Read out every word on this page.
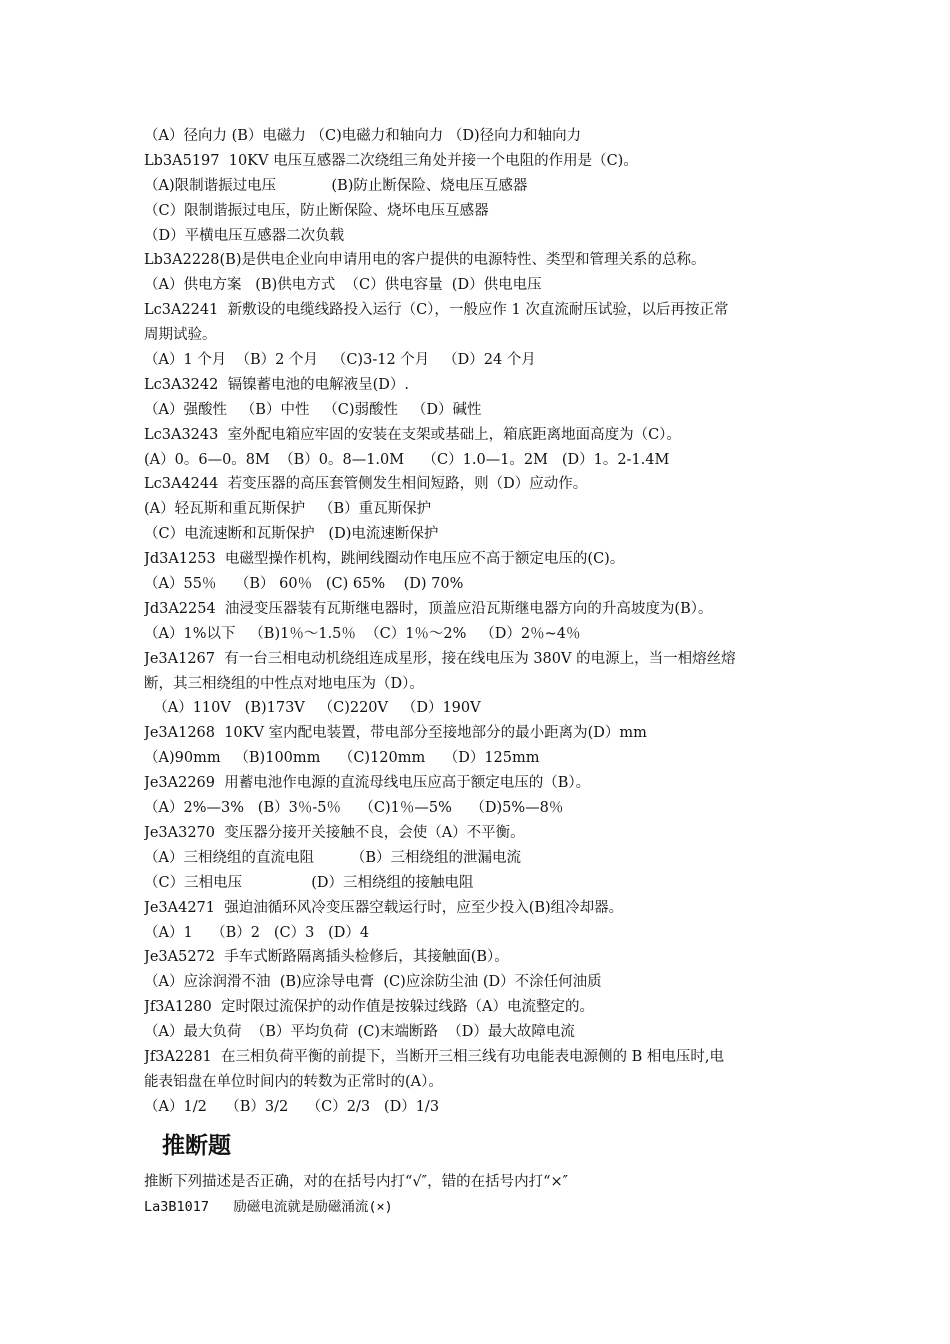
（A）径向力 (B）电磁力 （C)电磁力和轴向力 （D)径向力和轴向力
Lb3A5197  10KV 电压互感器二次绕组三角处并接一个电阻的作用是（C)。
（A)限制谐振过电压            (B)防止断保险、烧电压互感器
（C）限制谐振过电压，防止断保险、烧坏电压互感器
（D）平横电压互感器二次负载
Lb3A2228(B)是供电企业向申请用电的客户提供的电源特性、类型和管理关系的总称。
（A）供电方案   (B)供电方式  （C）供电容量  (D）供电电压
Lc3A2241  新敷设的电缆线路投入运行（C），一般应作 1 次直流耐压试验，以后再按正常
周期试验。
（A）1 个月  （B）2 个月   （C)3-12 个月   （D）24 个月
Lc3A3242  镉镍蓄电池的电解液呈(D）.
（A）强酸性   （B）中性   （C)弱酸性   （D）碱性
Lc3A3243  室外配电箱应牢固的安装在支架或基础上，箱底距离地面高度为（C）。
(A）0。6—0。8M  （B）0。8—1.0M    （C）1.0—1。2M   (D）1。2-1.4M
Lc3A4244  若变压器的高压套管侧发生相间短路，则（D）应动作。
(A）轻瓦斯和重瓦斯保护   （B）重瓦斯保护
（C）电流速断和瓦斯保护   (D)电流速断保护
Jd3A1253  电磁型操作机构，跳闸线圈动作电压应不高于额定电压的(C)。
（A）55％    （B） 60％   (C) 65%    (D) 70%
Jd3A2254  油浸变压器装有瓦斯继电器时，顶盖应沿瓦斯继电器方向的升高坡度为(B）。
（A）1%以下   （B)1％～1.5％  （C）1％～2%   （D）2％~4％
Je3A1267  有一台三相电动机绕组连成星形，接在线电压为 380V 的电源上，当一相熔丝熔
断，其三相绕组的中性点对地电压为（D）。
（A）110V   (B)173V   （C)220V   （D）190V
Je3A1268  10KV 室内配电装置，带电部分至接地部分的最小距离为(D）mm
（A)90mm   （B)100mm    （C)120mm    （D）125mm
Je3A2269  用蓄电池作电源的直流母线电压应高于额定电压的（B）。
（A）2%—3%   (B）3％-5％    （C)1％—5%    （D)5%—8％
Je3A3270  变压器分接开关接触不良，会使（A）不平衡。
（A）三相绕组的直流电阻        （B）三相绕组的泄漏电流
（C）三相电压               (D）三相绕组的接触电阻
Je3A4271  强迫油循环风冷变压器空载运行时，应至少投入(B)组冷却器。
（A）1    （B）2   (C）3   (D）4
Je3A5272  手车式断路隔离插头检修后，其接触面(B）。
（A）应涂润滑不油  (B)应涂导电膏  (C)应涂防尘油 (D）不涂任何油质
Jf3A1280  定时限过流保护的动作值是按躲过线路（A）电流整定的。
（A）最大负荷  （B）平均负荷  (C)末端断路  （D）最大故障电流
Jf3A2281  在三相负荷平衡的前提下，当断开三相三线有功电能表电源侧的 B 相电压时,电
能表铝盘在单位时间内的转数为正常时的(A）。
（A）1/2    （B）3/2    （C）2/3   (D）1/3
推断题
推断下列描述是否正确，对的在括号内打“√″，错的在括号内打“×″
La3B1017   励磁电流就是励磁涌流(×)
